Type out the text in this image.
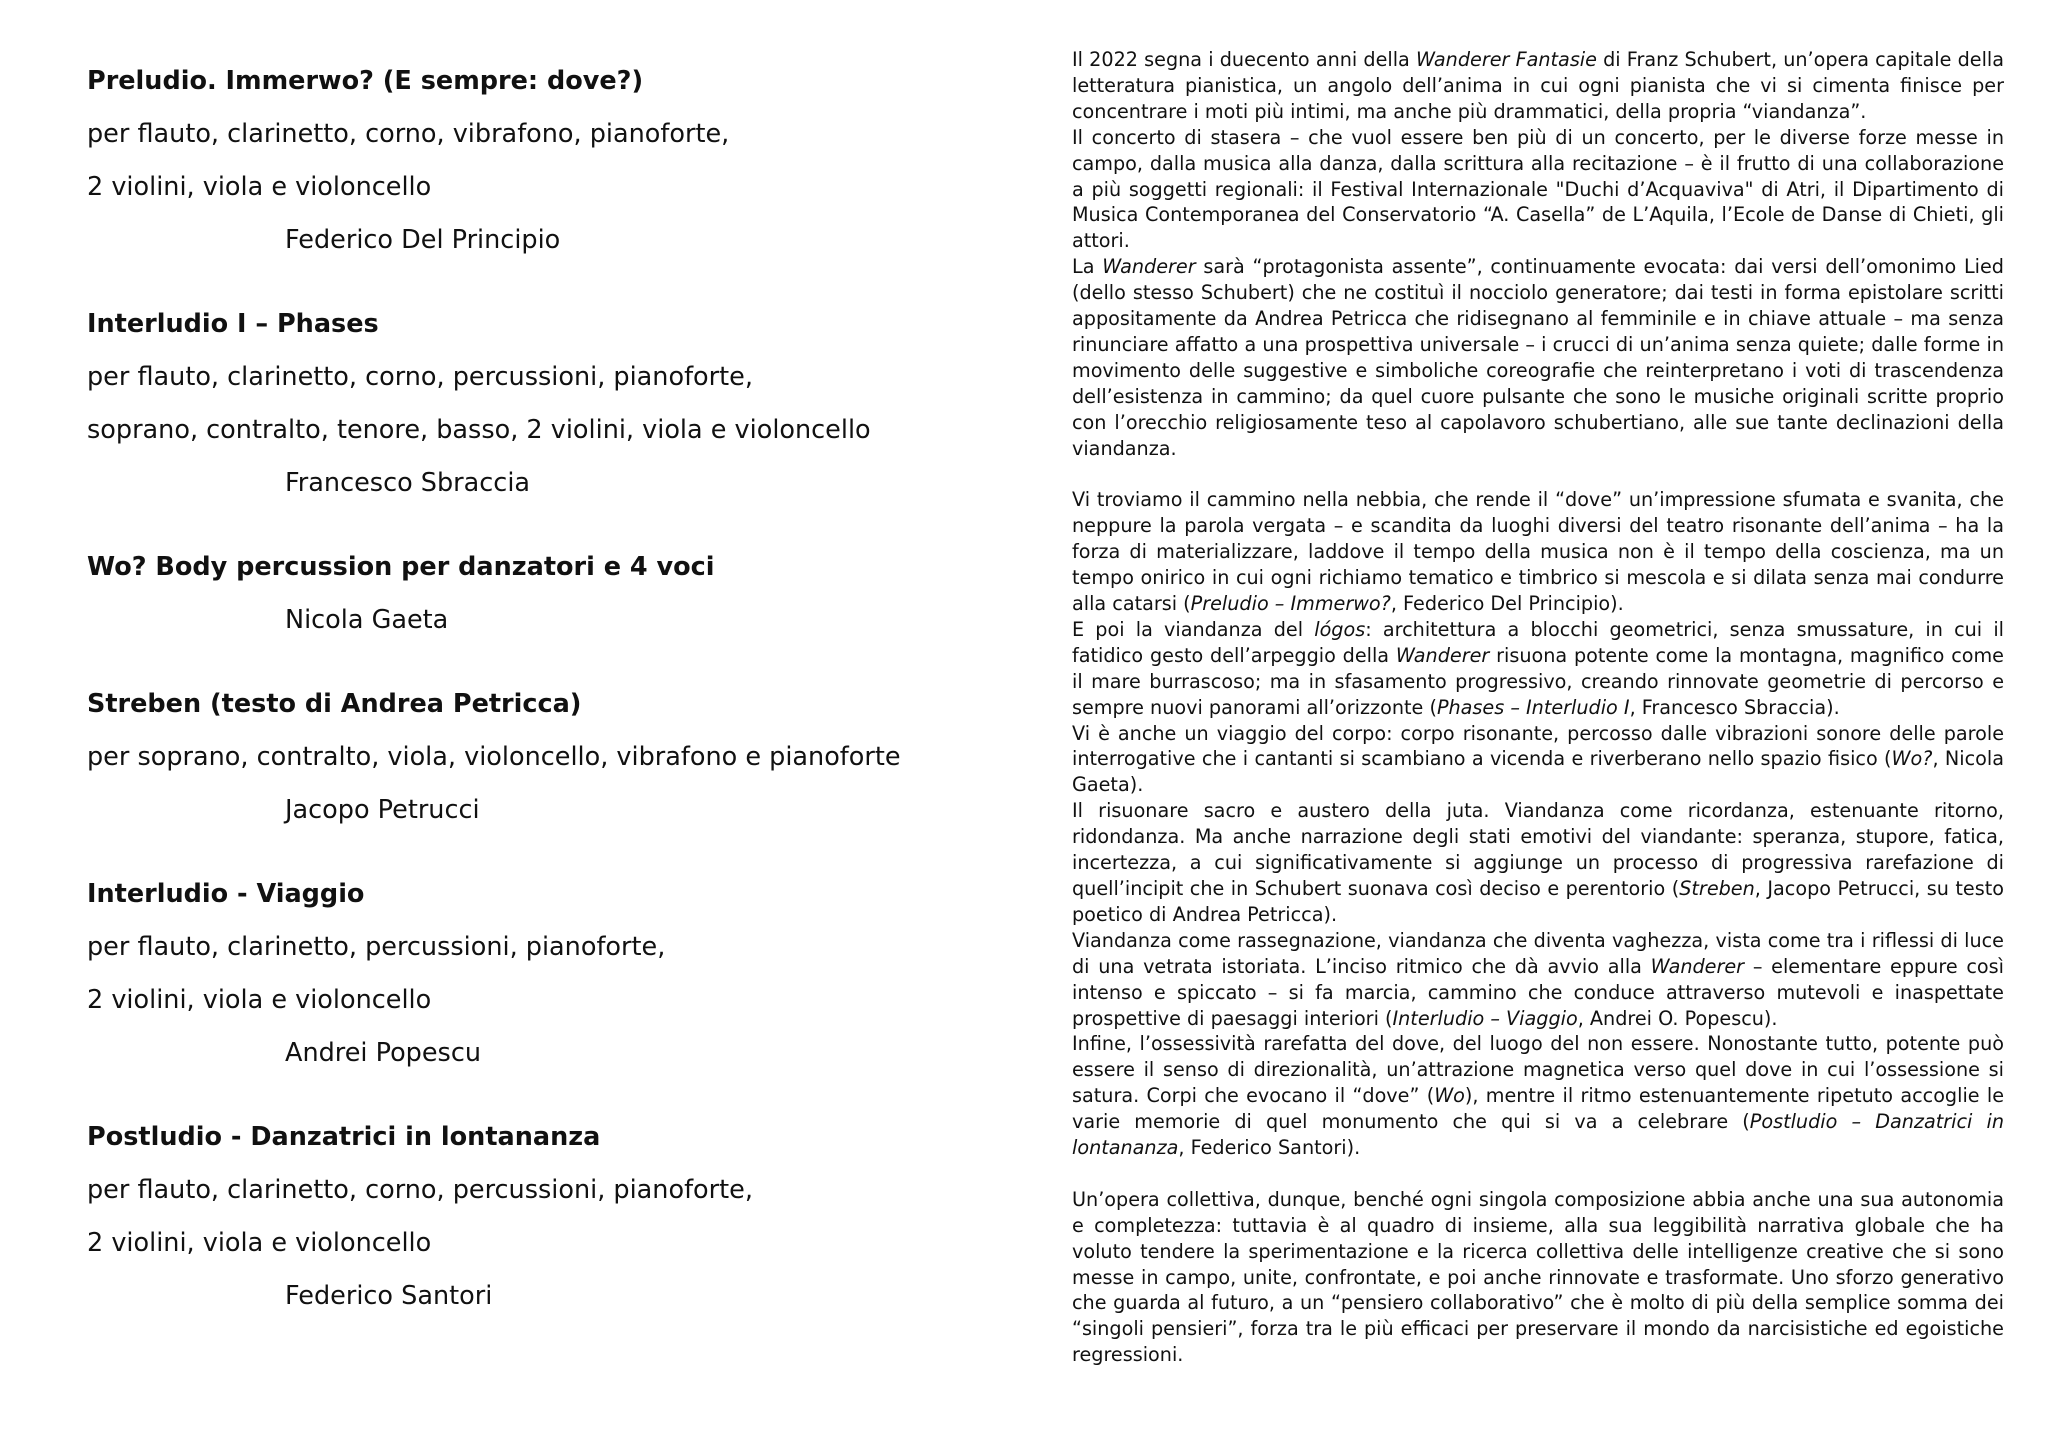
Preludio. Immerwo? (E sempre: dove?)
per flauto, clarinetto, corno, vibrafono, pianoforte,
2 violini, viola e violoncello
Federico Del Principio
Interludio I – Phases
per flauto, clarinetto, corno, percussioni, pianoforte,
soprano, contralto, tenore, basso, 2 violini, viola e violoncello
Francesco Sbraccia
Wo? Body percussion per danzatori e 4 voci
Nicola Gaeta
Streben (testo di Andrea Petricca)
per soprano, contralto, viola, violoncello, vibrafono e pianoforte
Jacopo Petrucci
Interludio - Viaggio
per flauto, clarinetto, percussioni, pianoforte,
2 violini, viola e violoncello
Andrei Popescu
Postludio - Danzatrici in lontananza
per flauto, clarinetto, corno, percussioni, pianoforte,
2 violini, viola e violoncello
Federico Santori

Il 2022 segna i duecento anni della Wanderer Fantasie di Franz Schubert, un’opera capitale della letteratura pianistica, un angolo dell’anima in cui ogni pianista che vi si cimenta finisce per concentrare i moti più intimi, ma anche più drammatici, della propria “viandanza”.

Il concerto di stasera – che vuol essere ben più di un concerto, per le diverse forze messe in campo, dalla musica alla danza, dalla scrittura alla recitazione – è il frutto di una collaborazione a più soggetti regionali: il Festival Internazionale "Duchi d’Acquaviva" di Atri, il Dipartimento di Musica Contemporanea del Conservatorio “A. Casella” de L’Aquila, l’Ecole de Danse di Chieti, gli attori.

La Wanderer sarà “protagonista assente”, continuamente evocata: dai versi dell’omonimo Lied (dello stesso Schubert) che ne costituì il nocciolo generatore; dai testi in forma epistolare scritti appositamente da Andrea Petricca che ridisegnano al femminile e in chiave attuale – ma senza rinunciare affatto a una prospettiva universale – i crucci di un’anima senza quiete; dalle forme in movimento delle suggestive e simboliche coreografie che reinterpretano i voti di trascendenza dell’esistenza in cammino; da quel cuore pulsante che sono le musiche originali scritte proprio con l’orecchio religiosamente teso al capolavoro schubertiano, alle sue tante declinazioni della viandanza.

Vi troviamo il cammino nella nebbia, che rende il “dove” un’impressione sfumata e svanita, che neppure la parola vergata – e scandita da luoghi diversi del teatro risonante dell’anima – ha la forza di materializzare, laddove il tempo della musica non è il tempo della coscienza, ma un tempo onirico in cui ogni richiamo tematico e timbrico si mescola e si dilata senza mai condurre alla catarsi (Preludio – Immerwo?, Federico Del Principio).

E poi la viandanza del lógos: architettura a blocchi geometrici, senza smussature, in cui il fatidico gesto dell’arpeggio della Wanderer risuona potente come la montagna, magnifico come il mare burrascoso; ma in sfasamento progressivo, creando rinnovate geometrie di percorso e sempre nuovi panorami all’orizzonte (Phases – Interludio I, Francesco Sbraccia).

Vi è anche un viaggio del corpo: corpo risonante, percosso dalle vibrazioni sonore delle parole interrogative che i cantanti si scambiano a vicenda e riverberano nello spazio fisico (Wo?, Nicola Gaeta).

Il risuonare sacro e austero della juta. Viandanza come ricordanza, estenuante ritorno, ridondanza. Ma anche narrazione degli stati emotivi del viandante: speranza, stupore, fatica, incertezza, a cui significativamente si aggiunge un processo di progressiva rarefazione di quell’incipit che in Schubert suonava così deciso e perentorio (Streben, Jacopo Petrucci, su testo poetico di Andrea Petricca).

Viandanza come rassegnazione, viandanza che diventa vaghezza, vista come tra i riflessi di luce di una vetrata istoriata. L’inciso ritmico che dà avvio alla Wanderer – elementare eppure così intenso e spiccato – si fa marcia, cammino che conduce attraverso mutevoli e inaspettate prospettive di paesaggi interiori (Interludio – Viaggio, Andrei O. Popescu).

Infine, l’ossessività rarefatta del dove, del luogo del non essere. Nonostante tutto, potente può essere il senso di direzionalità, un’attrazione magnetica verso quel dove in cui l’ossessione si satura. Corpi che evocano il “dove” (Wo), mentre il ritmo estenuantemente ripetuto accoglie le varie memorie di quel monumento che qui si va a celebrare (Postludio – Danzatrici in lontananza, Federico Santori).

Un’opera collettiva, dunque, benché ogni singola composizione abbia anche una sua autonomia e completezza: tuttavia è al quadro di insieme, alla sua leggibilità narrativa globale che ha voluto tendere la sperimentazione e la ricerca collettiva delle intelligenze creative che si sono messe in campo, unite, confrontate, e poi anche rinnovate e trasformate. Uno sforzo generativo che guarda al futuro, a un “pensiero collaborativo” che è molto di più della semplice somma dei “singoli pensieri”, forza tra le più efficaci per preservare il mondo da narcisistiche ed egoistiche regressioni.
